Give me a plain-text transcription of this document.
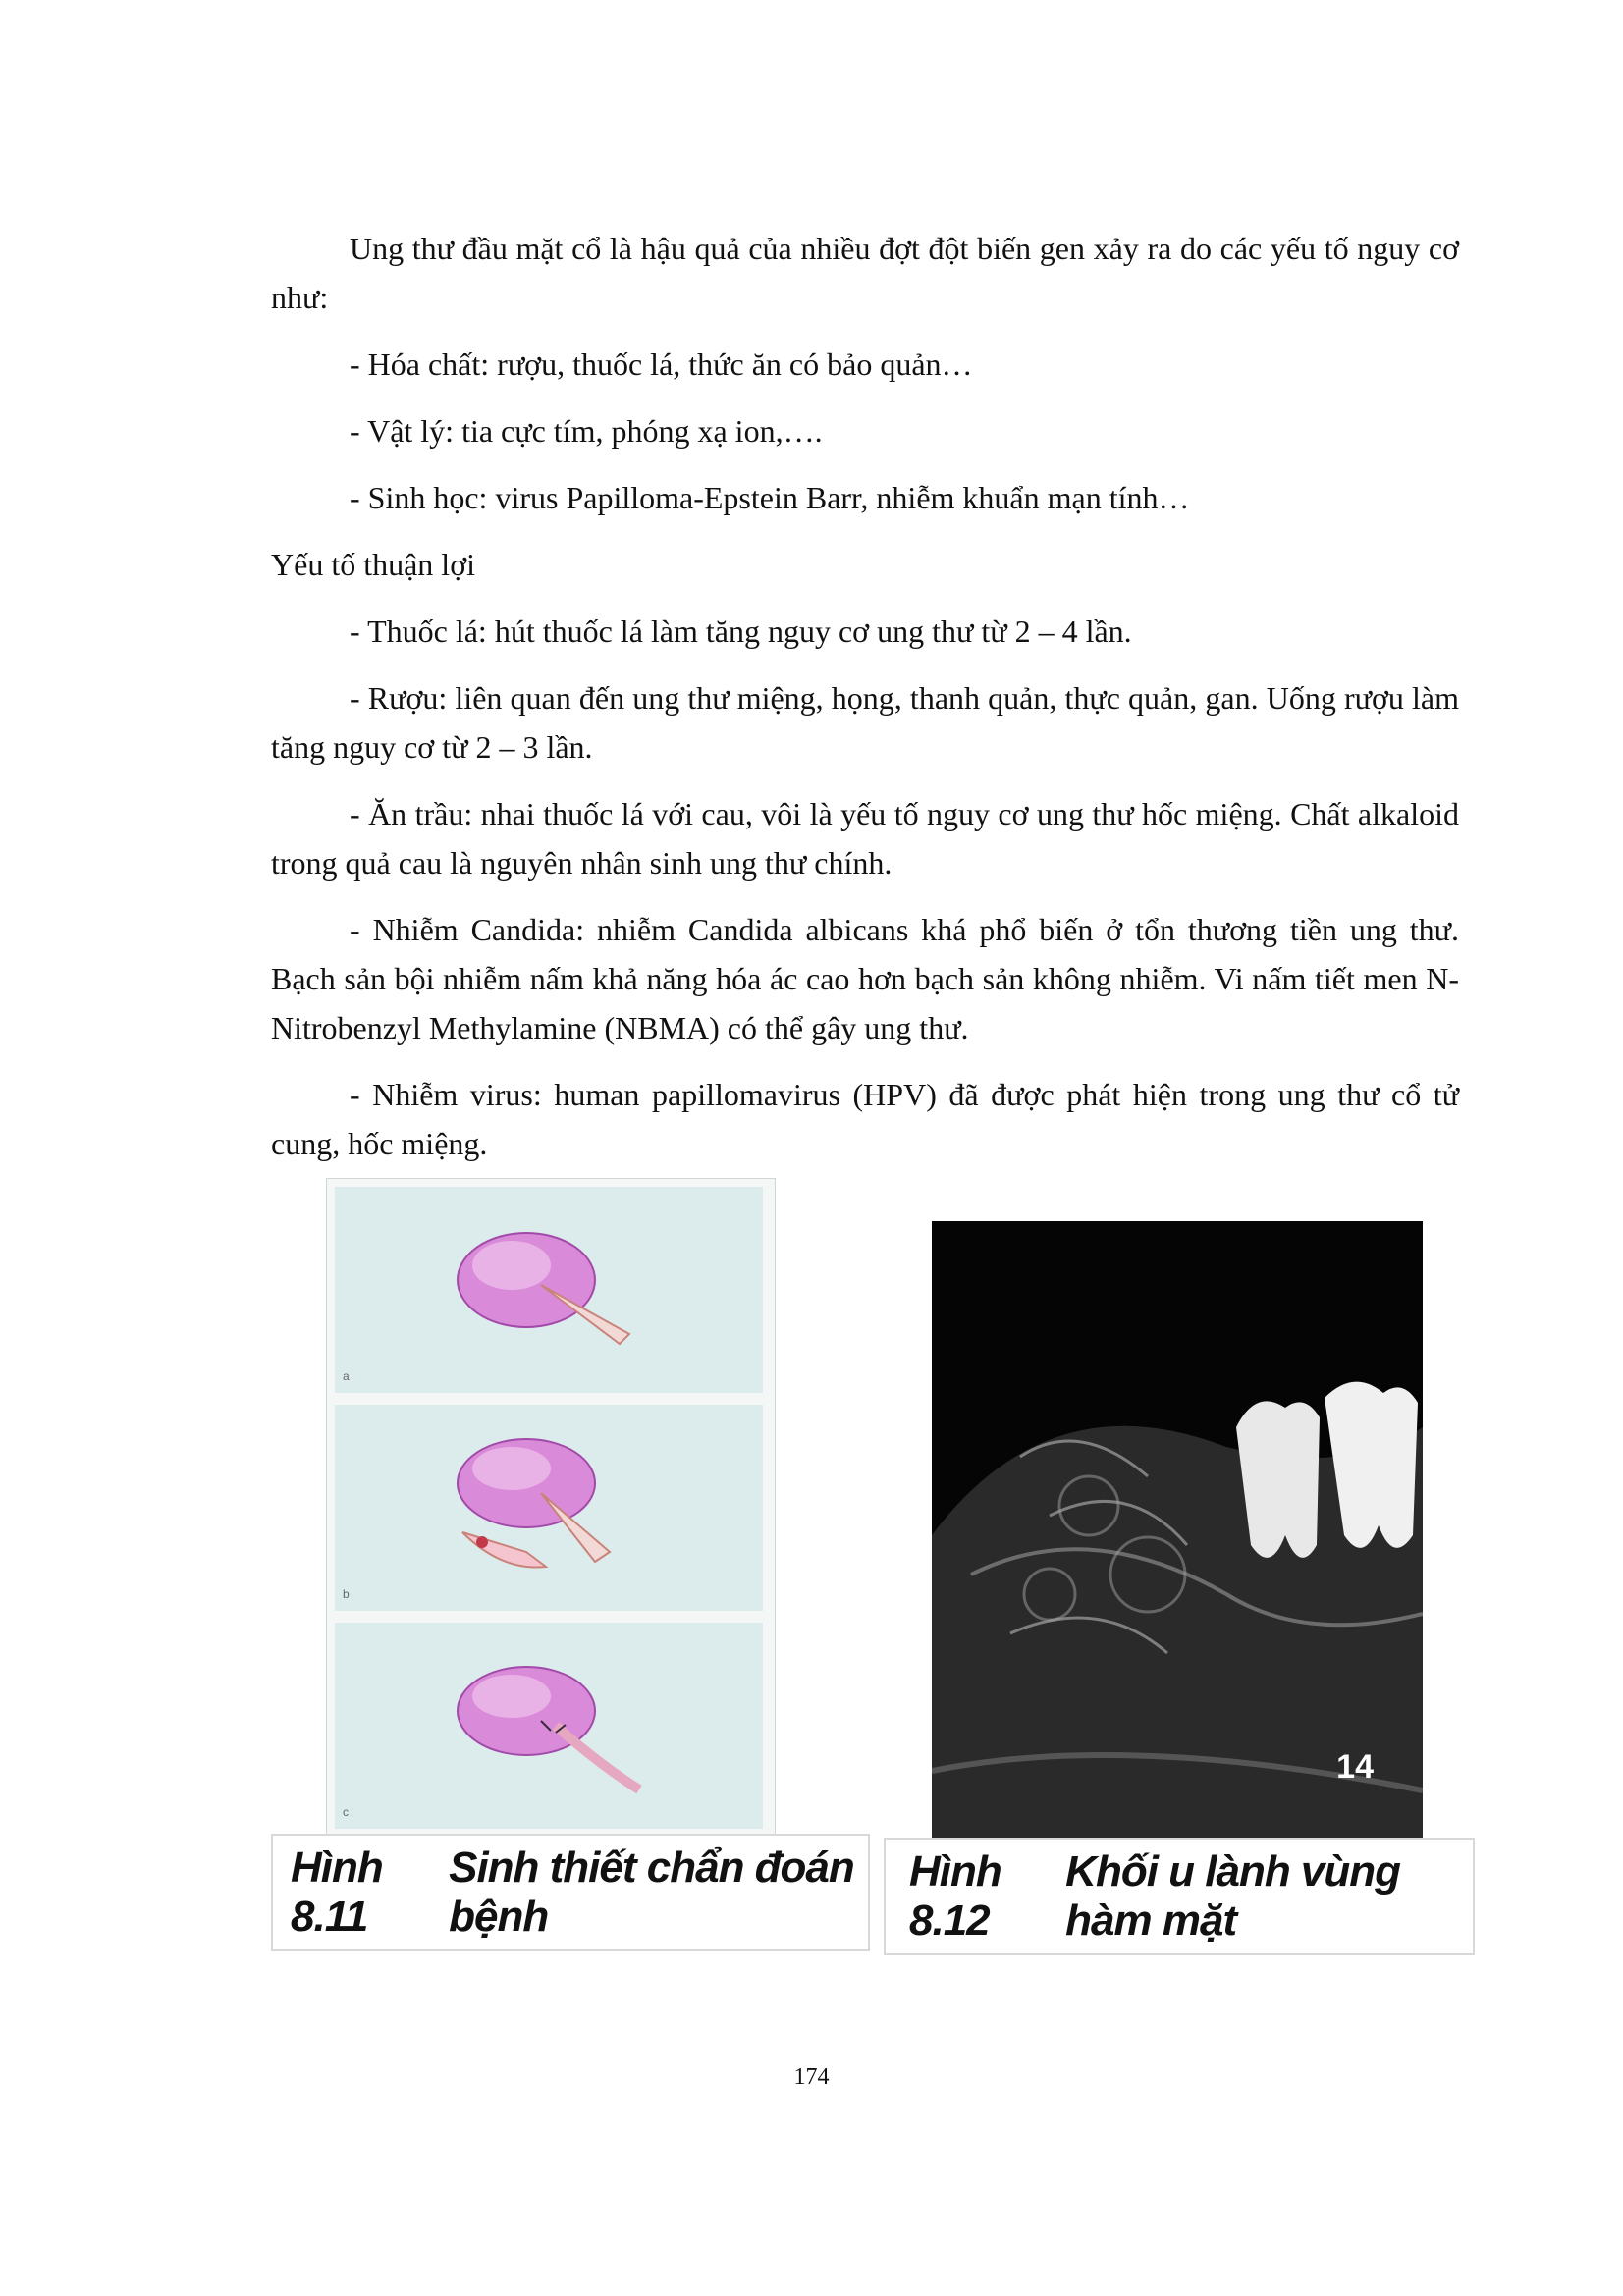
Ung thư đầu mặt cổ là hậu quả của nhiều đợt đột biến gen xảy ra do các yếu tố nguy cơ như:

- Hóa chất: rượu, thuốc lá, thức ăn có bảo quản…

- Vật lý: tia cực tím, phóng xạ ion,….

- Sinh học: virus Papilloma-Epstein Barr, nhiễm khuẩn mạn tính…

Yếu tố thuận lợi

- Thuốc lá: hút thuốc lá làm tăng nguy cơ ung thư từ 2 – 4 lần.

- Rượu: liên quan đến ung thư miệng, họng, thanh quản, thực quản, gan. Uống rượu làm tăng nguy cơ từ 2 – 3 lần.

- Ăn trầu: nhai thuốc lá với cau, vôi là yếu tố nguy cơ ung thư hốc miệng. Chất alkaloid trong quả cau là nguyên nhân sinh ung thư chính.

- Nhiễm Candida: nhiễm Candida albicans khá phổ biến ở tổn thương tiền ung thư. Bạch sản bội nhiễm nấm khả năng hóa ác cao hơn bạch sản không nhiễm. Vi nấm tiết men N-Nitrobenzyl Methylamine (NBMA) có thể gây ung thư.

- Nhiễm virus: human papillomavirus (HPV) đã được phát hiện trong ung thư cổ tử cung, hốc miệng.

a
b
c
14
Hình 8.11
Sinh thiết chẩn đoán bệnh
Hình 8.12
Khối u lành vùng hàm mặt
174
